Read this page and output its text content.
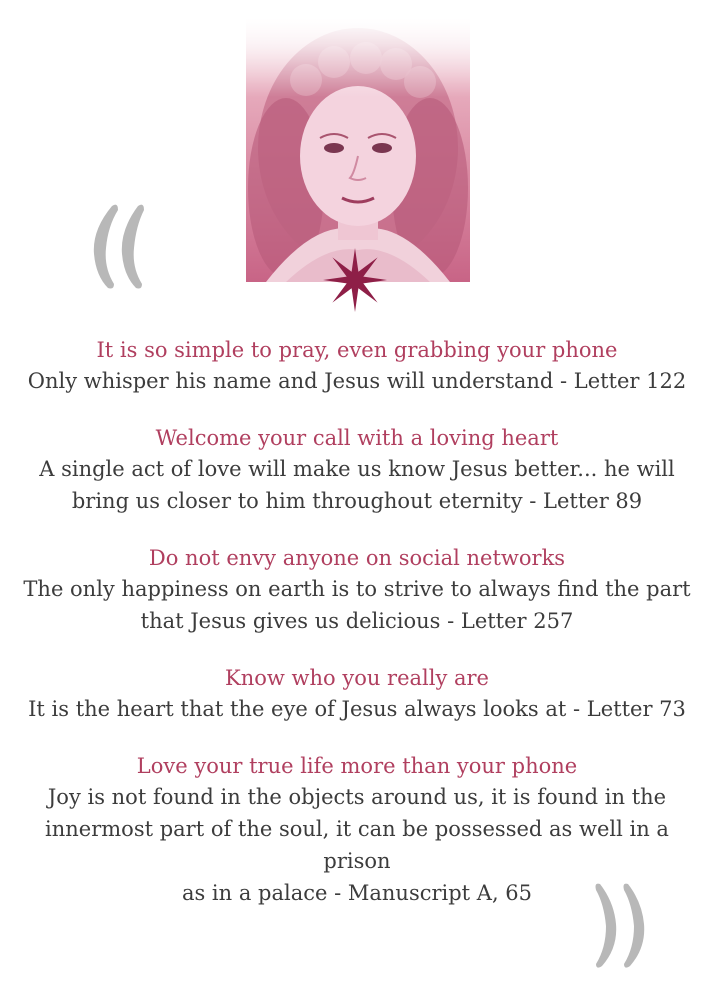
It is so simple to pray, even grabbing your phone

Only whisper his name and Jesus will understand - Letter 122

Welcome your call with a loving heart

A single act of love will make us know Jesus better... he will
bring us closer to him throughout eternity - Letter 89

Do not envy anyone on social networks

The only happiness on earth is to strive to always find the part
that Jesus gives us delicious - Letter 257

Know who you really are

It is the heart that the eye of Jesus always looks at - Letter 73

Love your true life more than your phone

Joy is not found in the objects around us, it is found in the
innermost part of the soul, it can be possessed as well in a prison
as in a palace - Manuscript A, 65
